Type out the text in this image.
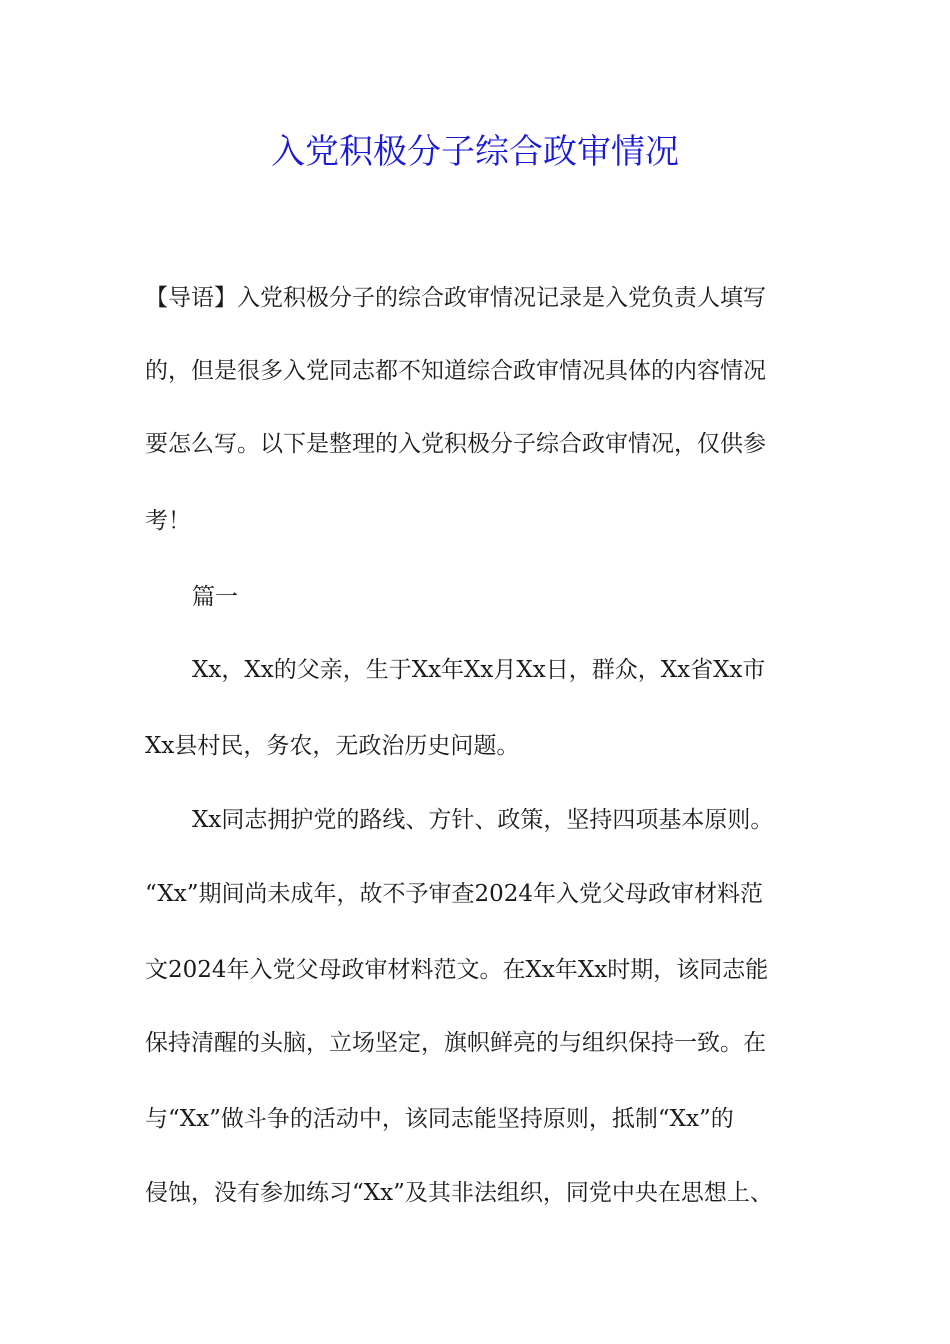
入党积极分子综合政审情况

【导语】入党积极分子的综合政审情况记录是入党负责人填写

的，但是很多入党同志都不知道综合政审情况具体的内容情况

要怎么写。以下是整理的入党积极分子综合政审情况，仅供参

考！

篇一

Xx，Xx的父亲，生于Xx年Xx月Xx日，群众，Xx省Xx市

Xx县村民，务农，无政治历史问题。

Xx同志拥护党的路线、方针、政策，坚持四项基本原则。

“Xx”期间尚未成年，故不予审查2024年入党父母政审材料范

文2024年入党父母政审材料范文。在Xx年Xx时期，该同志能

保持清醒的头脑，立场坚定，旗帜鲜亮的与组织保持一致。在

与“Xx”做斗争的活动中，该同志能坚持原则，抵制“Xx”的

侵蚀，没有参加练习“Xx”及其非法组织，同党中央在思想上、
